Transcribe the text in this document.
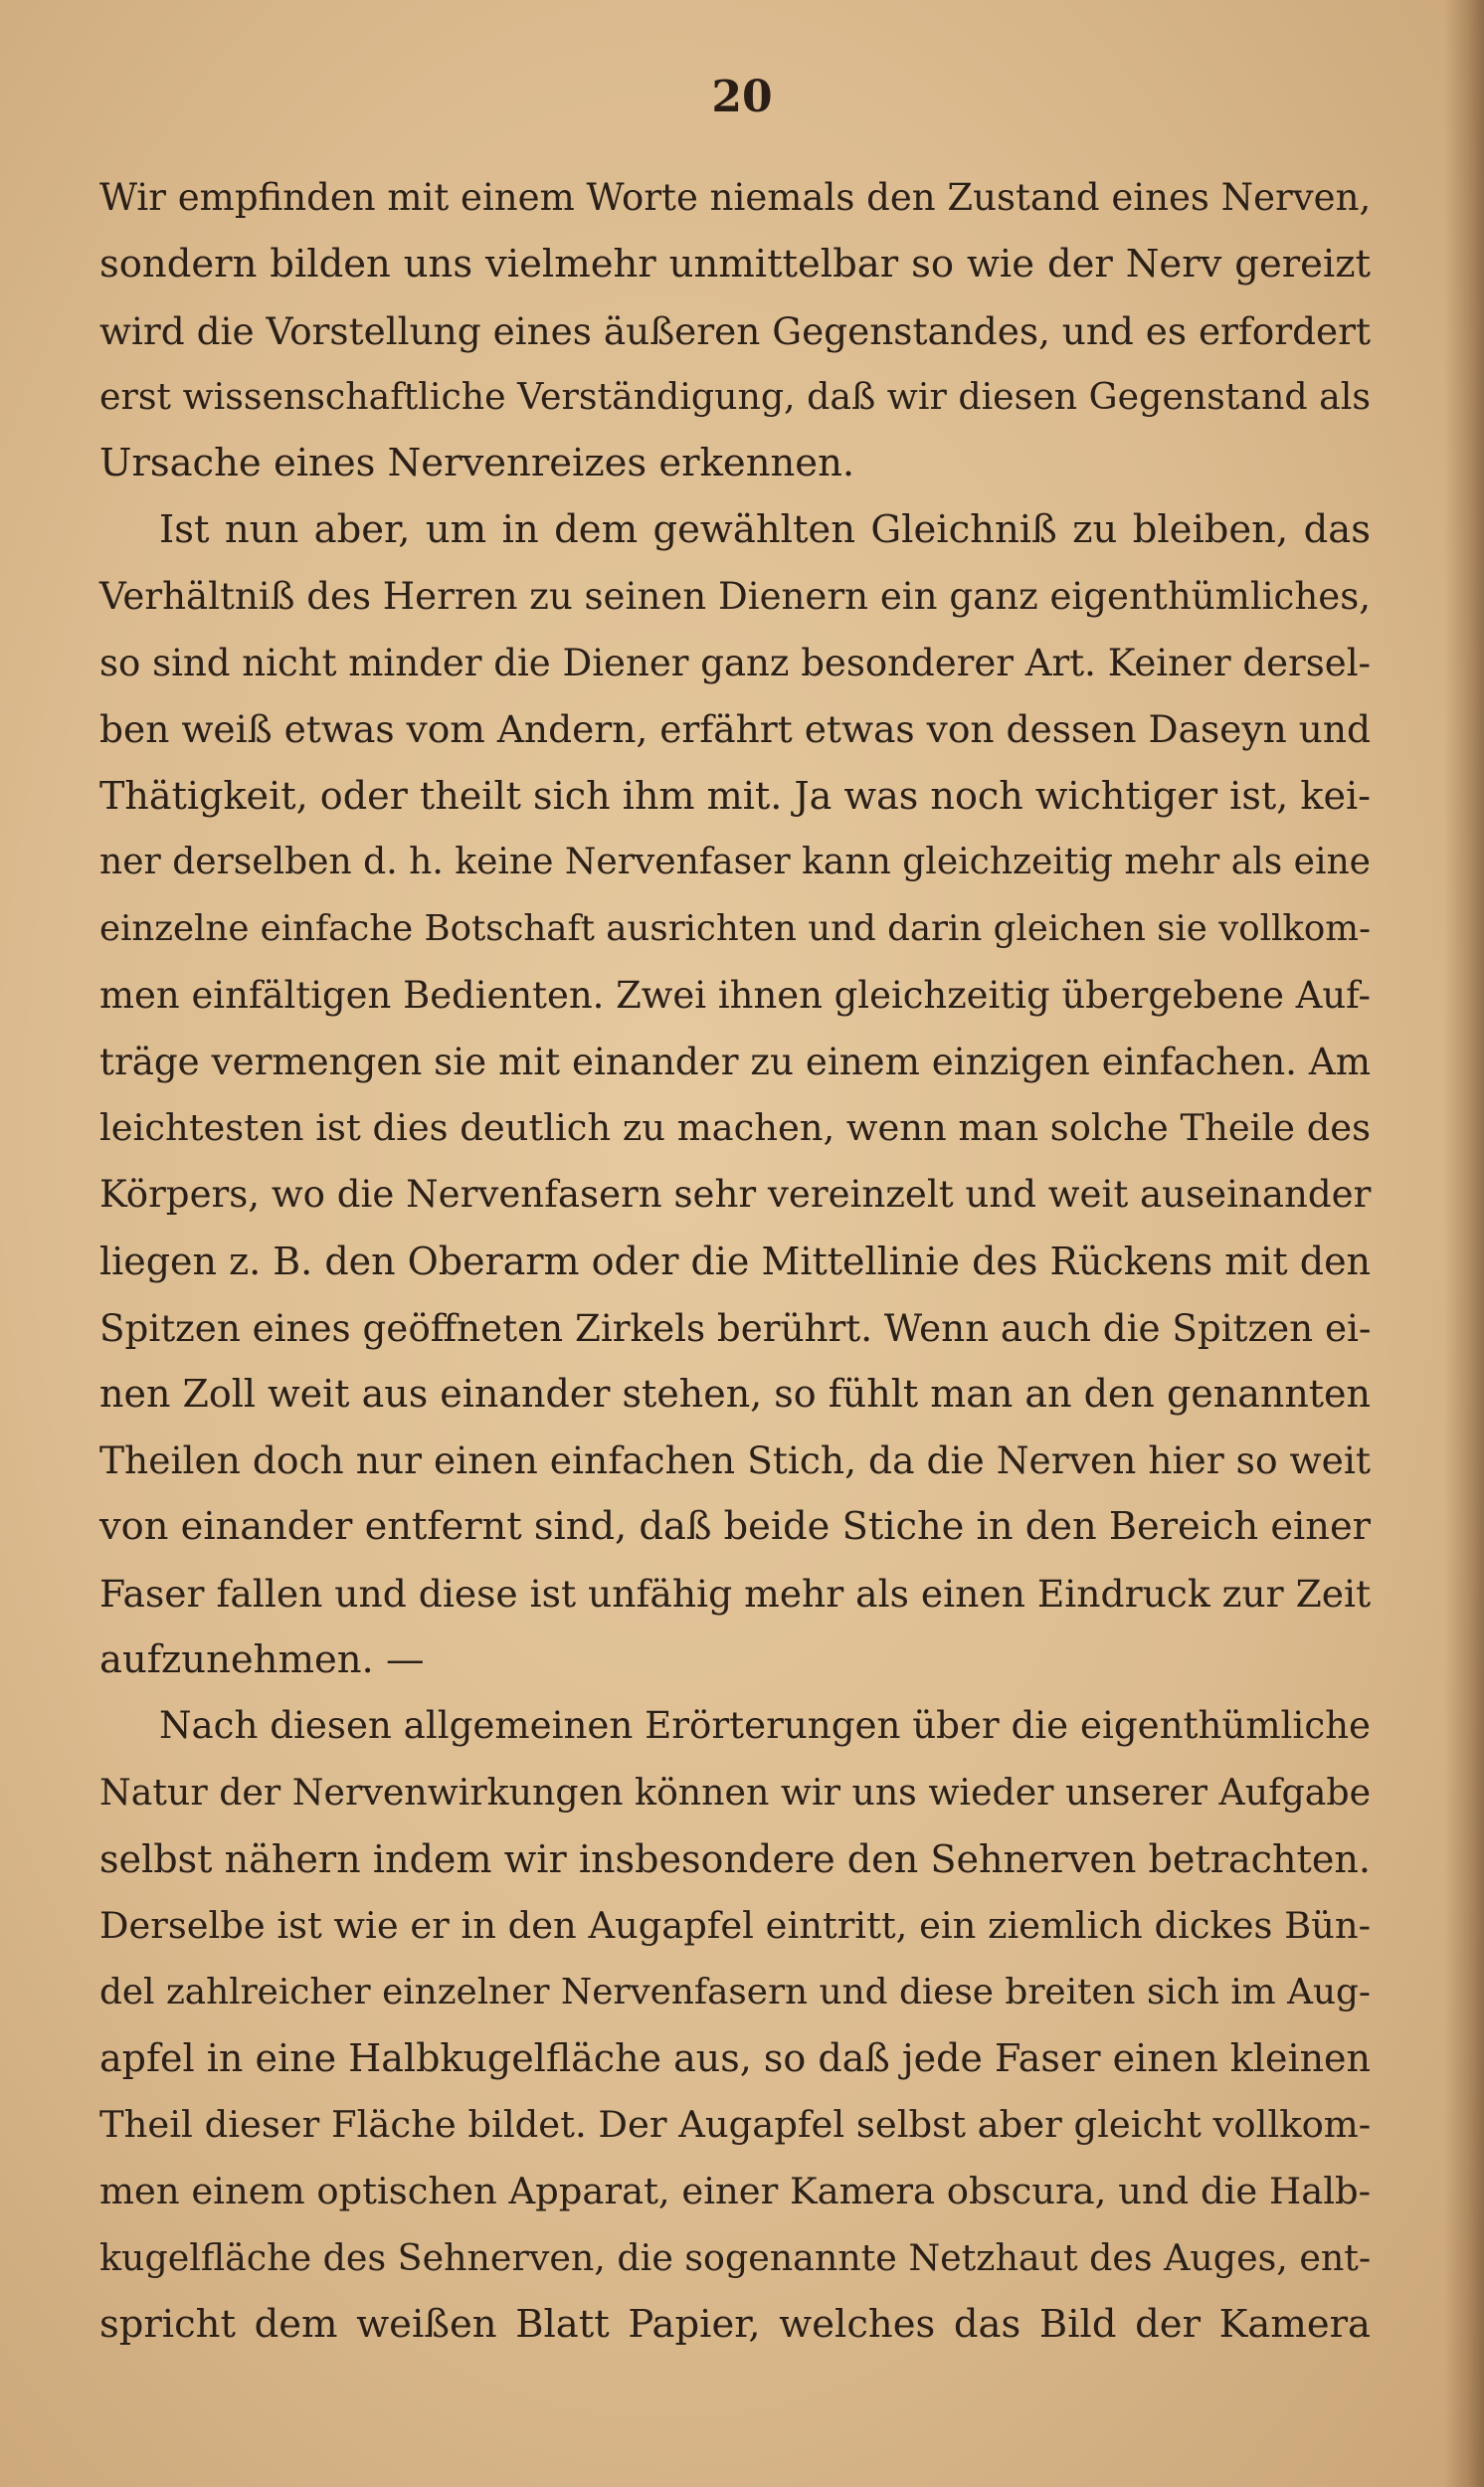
20

Wir empfinden mit einem Worte niemals den Zustand eines Nerven,
sondern bilden uns vielmehr unmittelbar so wie der Nerv gereizt
wird die Vorstellung eines äußeren Gegenstandes, und es erfordert
erst wissenschaftliche Verständigung, daß wir diesen Gegenstand als
Ursache eines Nervenreizes erkennen.

Ist nun aber, um in dem gewählten Gleichniß zu bleiben, das
Verhältniß des Herren zu seinen Dienern ein ganz eigenthümliches,
so sind nicht minder die Diener ganz besonderer Art. Keiner dersel-
ben weiß etwas vom Andern, erfährt etwas von dessen Daseyn und
Thätigkeit, oder theilt sich ihm mit. Ja was noch wichtiger ist, kei-
ner derselben d. h. keine Nervenfaser kann gleichzeitig mehr als eine
einzelne einfache Botschaft ausrichten und darin gleichen sie vollkom-
men einfältigen Bedienten. Zwei ihnen gleichzeitig übergebene Auf-
träge vermengen sie mit einander zu einem einzigen einfachen. Am
leichtesten ist dies deutlich zu machen, wenn man solche Theile des
Körpers, wo die Nervenfasern sehr vereinzelt und weit auseinander
liegen z. B. den Oberarm oder die Mittellinie des Rückens mit den
Spitzen eines geöffneten Zirkels berührt. Wenn auch die Spitzen ei-
nen Zoll weit aus einander stehen, so fühlt man an den genannten
Theilen doch nur einen einfachen Stich, da die Nerven hier so weit
von einander entfernt sind, daß beide Stiche in den Bereich einer
Faser fallen und diese ist unfähig mehr als einen Eindruck zur Zeit
aufzunehmen. —

Nach diesen allgemeinen Erörterungen über die eigenthümliche
Natur der Nervenwirkungen können wir uns wieder unserer Aufgabe
selbst nähern indem wir insbesondere den Sehnerven betrachten.
Derselbe ist wie er in den Augapfel eintritt, ein ziemlich dickes Bün-
del zahlreicher einzelner Nervenfasern und diese breiten sich im Aug-
apfel in eine Halbkugelfläche aus, so daß jede Faser einen kleinen
Theil dieser Fläche bildet. Der Augapfel selbst aber gleicht vollkom-
men einem optischen Apparat, einer Kamera obscura, und die Halb-
kugelfläche des Sehnerven, die sogenannte Netzhaut des Auges, ent-
spricht dem weißen Blatt Papier, welches das Bild der Kamera
